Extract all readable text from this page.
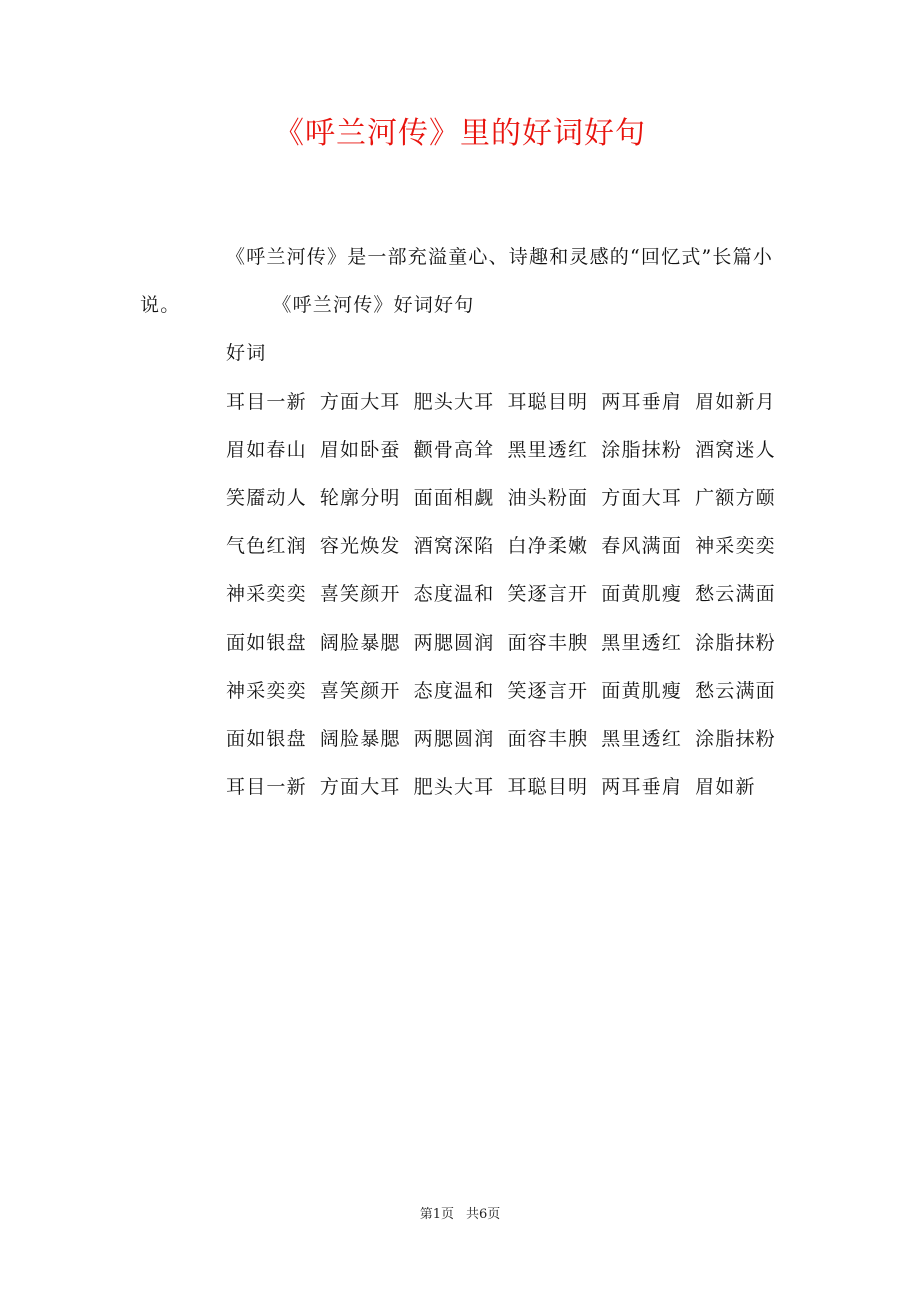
《呼兰河传》里的好词好句

《呼兰河传》是一部充溢童心、诗趣和灵感的“回忆式”长篇小说。	《呼兰河传》好词好句

好词

耳目一新 方面大耳 肥头大耳 耳聪目明 两耳垂肩 眉如新月

眉如春山 眉如卧蚕 颧骨高耸 黑里透红 涂脂抹粉 酒窝迷人

笑靥动人 轮廓分明 面面相觑 油头粉面 方面大耳 广额方颐

气色红润 容光焕发 酒窝深陷 白净柔嫩 春风满面 神采奕奕

神采奕奕 喜笑颜开 态度温和 笑逐言开 面黄肌瘦 愁云满面

面如银盘 阔脸暴腮 两腮圆润 面容丰腴 黑里透红 涂脂抹粉

神采奕奕 喜笑颜开 态度温和 笑逐言开 面黄肌瘦 愁云满面

面如银盘 阔脸暴腮 两腮圆润 面容丰腴 黑里透红 涂脂抹粉

耳目一新 方面大耳 肥头大耳 耳聪目明 两耳垂肩 眉如新

第1页 共6页
